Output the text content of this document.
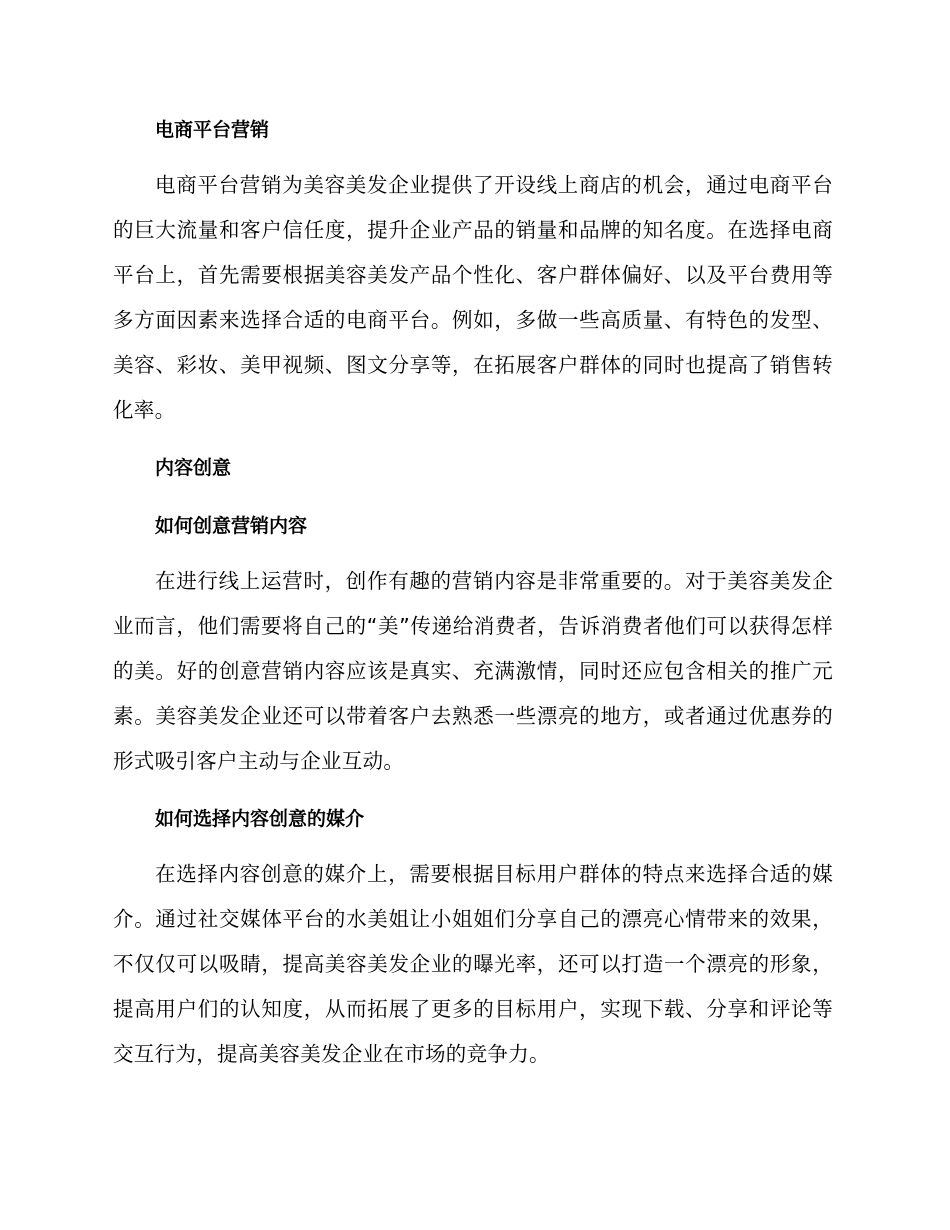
电商平台营销

电商平台营销为美容美发企业提供了开设线上商店的机会，通过电商平台的巨大流量和客户信任度，提升企业产品的销量和品牌的知名度。在选择电商平台上，首先需要根据美容美发产品个性化、客户群体偏好、以及平台费用等多方面因素来选择合适的电商平台。例如，多做一些高质量、有特色的发型、美容、彩妆、美甲视频、图文分享等，在拓展客户群体的同时也提高了销售转化率。

内容创意
如何创意营销内容

在进行线上运营时，创作有趣的营销内容是非常重要的。对于美容美发企业而言，他们需要将自己的“美”传递给消费者，告诉消费者他们可以获得怎样的美。好的创意营销内容应该是真实、充满激情，同时还应包含相关的推广元素。美容美发企业还可以带着客户去熟悉一些漂亮的地方，或者通过优惠券的形式吸引客户主动与企业互动。

如何选择内容创意的媒介

在选择内容创意的媒介上，需要根据目标用户群体的特点来选择合适的媒介。通过社交媒体平台的水美姐让小姐姐们分享自己的漂亮心情带来的效果，不仅仅可以吸睛，提高美容美发企业的曝光率，还可以打造一个漂亮的形象，提高用户们的认知度，从而拓展了更多的目标用户，实现下载、分享和评论等交互行为，提高美容美发企业在市场的竞争力。
